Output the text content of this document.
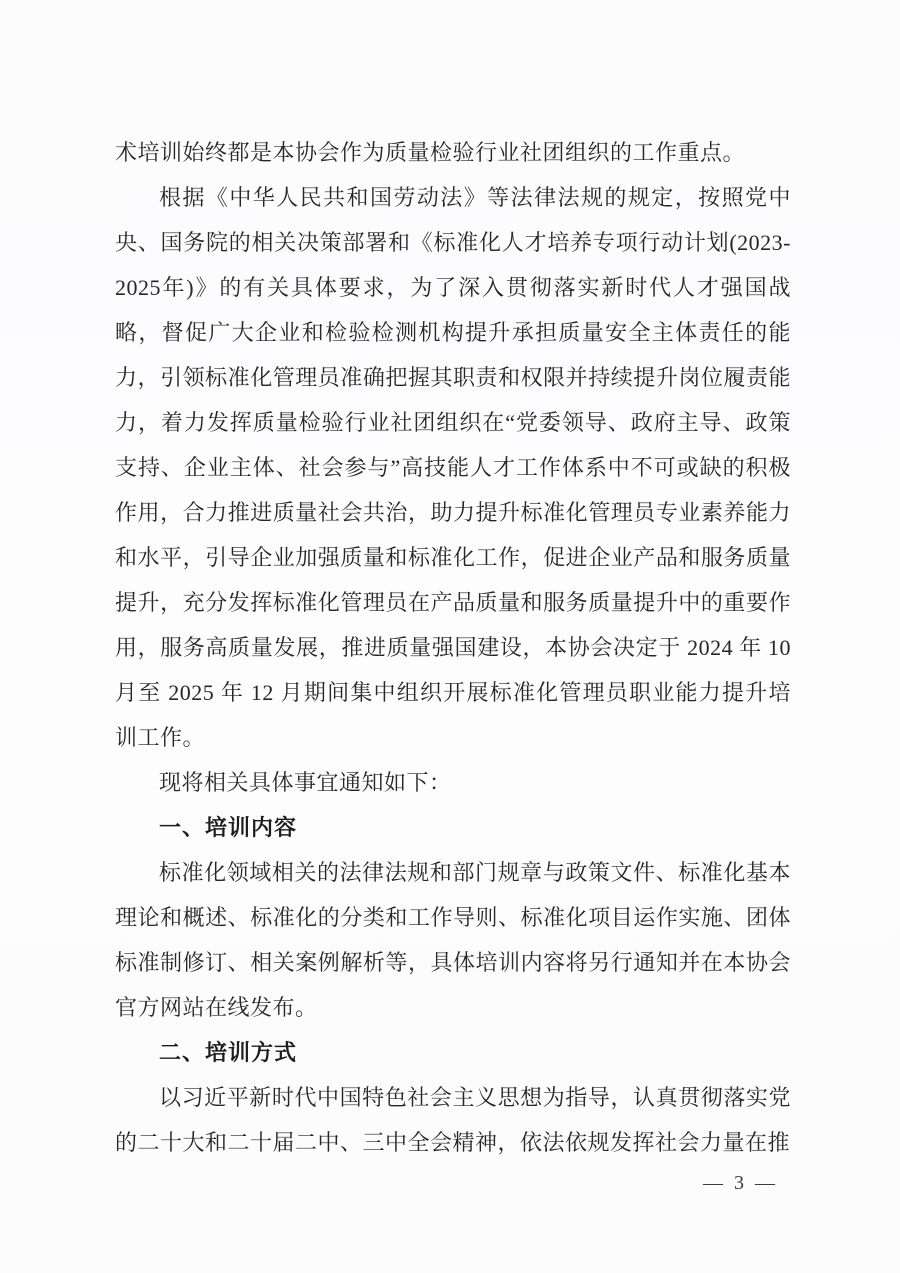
术培训始终都是本协会作为质量检验行业社团组织的工作重点。
根据《中华人民共和国劳动法》等法律法规的规定，按照党中央、国务院的相关决策部署和《标准化人才培养专项行动计划(2023-2025年)》的有关具体要求，为了深入贯彻落实新时代人才强国战略，督促广大企业和检验检测机构提升承担质量安全主体责任的能力，引领标准化管理员准确把握其职责和权限并持续提升岗位履责能力，着力发挥质量检验行业社团组织在“党委领导、政府主导、政策支持、企业主体、社会参与”高技能人才工作体系中不可或缺的积极作用，合力推进质量社会共治，助力提升标准化管理员专业素养能力和水平，引导企业加强质量和标准化工作，促进企业产品和服务质量提升，充分发挥标准化管理员在产品质量和服务质量提升中的重要作用，服务高质量发展，推进质量强国建设，本协会决定于 2024 年 10 月至 2025 年 12 月期间集中组织开展标准化管理员职业能力提升培训工作。
现将相关具体事宜通知如下：
一、培训内容
标准化领域相关的法律法规和部门规章与政策文件、标准化基本理论和概述、标准化的分类和工作导则、标准化项目运作实施、团体标准制修订、相关案例解析等，具体培训内容将另行通知并在本协会官方网站在线发布。
二、培训方式
以习近平新时代中国特色社会主义思想为指导，认真贯彻落实党的二十大和二十届二中、三中全会精神，依法依规发挥社会力量在推
— 3 —
